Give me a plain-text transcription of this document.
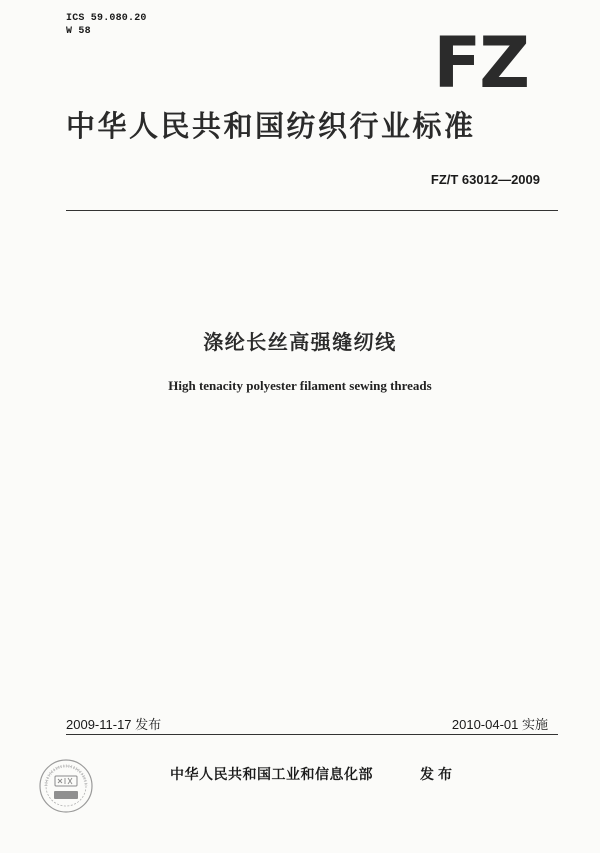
ICS 59.080.20
W 58	FZ
中华人民共和国纺织行业标准
FZ/T 63012—2009
涤纶长丝高强缝纫线
High tenacity polyester filament sewing threads
2009-11-17 发布	2010-04-01 实施
中华人民共和国工业和信息化部	发布
